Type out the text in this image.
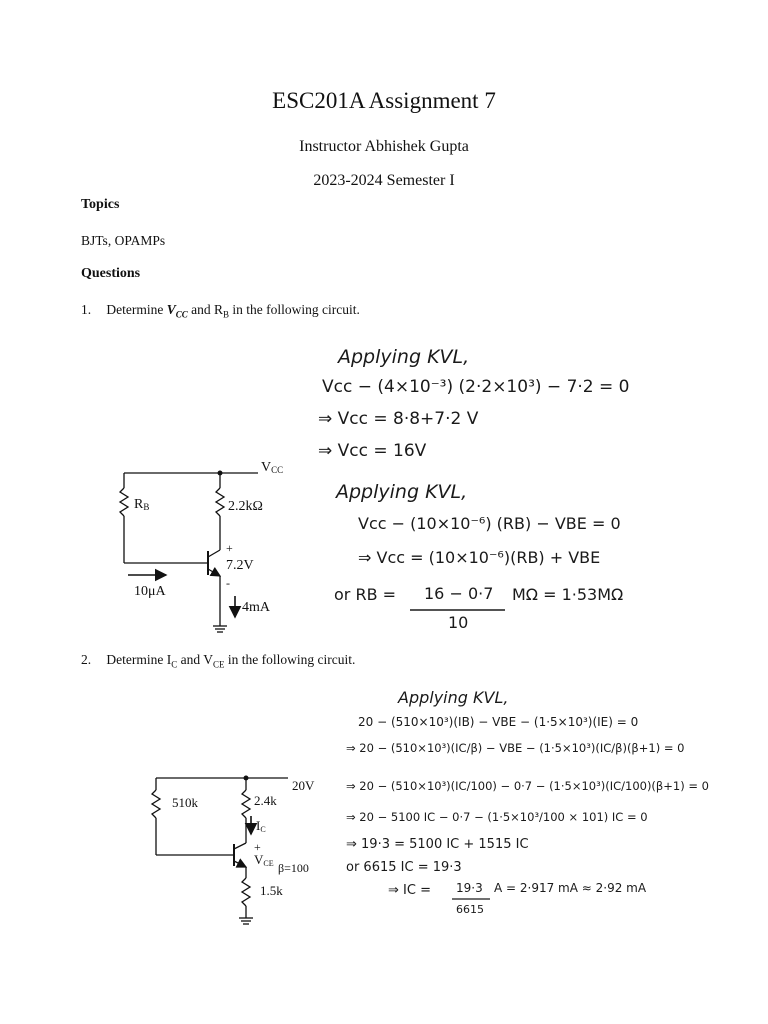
ESC201A Assignment 7
Instructor Abhishek Gupta
2023-2024 Semester I
Topics
BJTs, OPAMPs
Questions
1. Determine $V_{CC}$ and $R_B$ in the following circuit.
2. Determine $I_C$ and $V_{CE}$ in the following circuit.
VCC
RB	2.2kΩ
+
7.2V
-
10μA
4mA
Applying KVL,
Vcc − (4×10⁻³) (2·2×10³) − 7·2 = 0
⇒ Vcc = 8·8+7·2 V
⇒ Vcc = 16V
Applying KVL,
Vcc − (10×10⁻⁶) (RB) − VBE = 0
⇒ Vcc = (10×10⁻⁶)(RB) + VBE
or RB = 16 − 0·7
10
MΩ = 1·53MΩ
20V
510k	2.4k
IC
+
VCE β=100
1.5k
Applying KVL,
20 − (510×10³)(IB) − VBE − (1·5×10³)(IE) = 0
⇒ 20 − (510×10³)(IC/β) − VBE − (1·5×10³)(IC/β)(β+1) = 0
⇒ 20 − (510×10³)(IC/100) − 0·7 − (1·5×10³)(IC/100)(β+1) = 0
⇒ 20 − 5100 IC − 0·7 − (1·5×10³/100 × 101) IC = 0
⇒ 19·3 = 5100 IC + 1515 IC
or 6615 IC = 19·3
⇒ IC = 19·3
6615
A = 2·917 mA ≈ 2·92 mA
